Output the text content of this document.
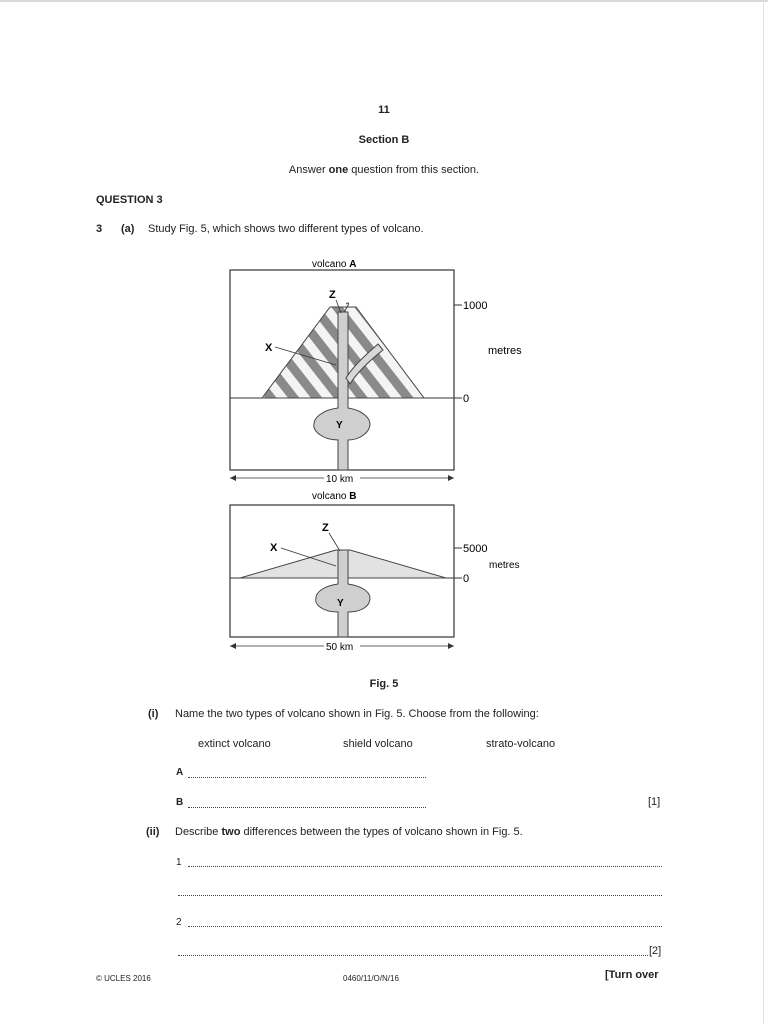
11
Section B
Answer one question from this section.
QUESTION 3
3 (a) Study Fig. 5, which shows two different types of volcano.
volcano A
Y
Z
X
1000
0
metres
10 km
volcano B
Y
Z
X	5000
0
metres
50 km
Fig. 5
(i) Name the two types of volcano shown in Fig. 5. Choose from the following:
extinct volcano	shield volcano	strato-volcano
A
B	[1]
(ii) Describe two differences between the types of volcano shown in Fig. 5.
1
2
[2]
© UCLES 2016	0460/11/O/N/16	[Turn over
